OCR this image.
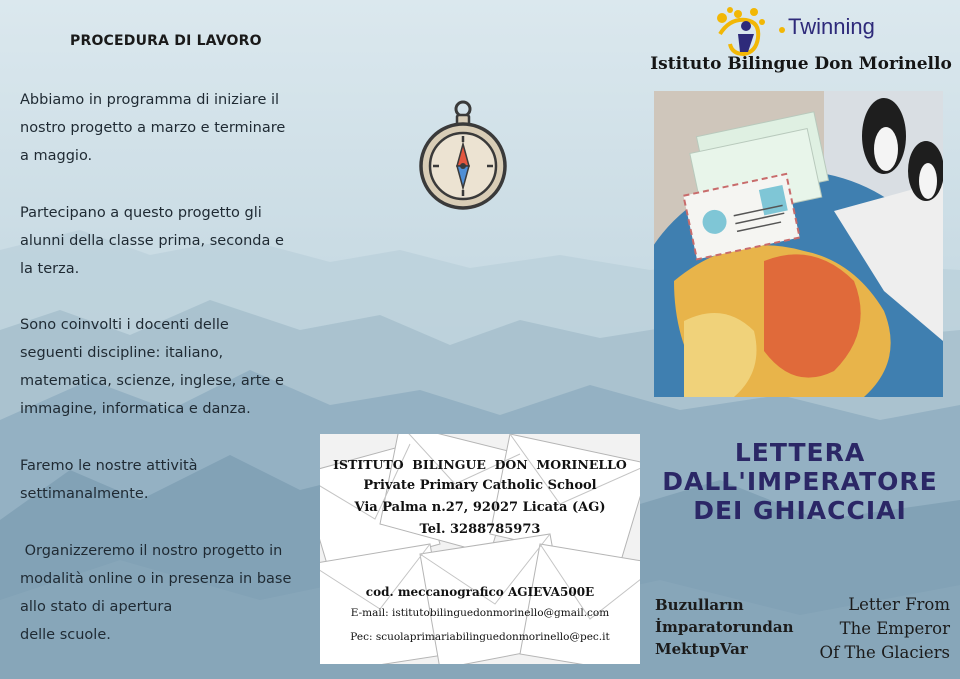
PROCEDURA DI LAVORO
Abbiamo in programma di iniziare il
nostro progetto a marzo e terminare
a maggio.
Partecipano a questo progetto gli
alunni della classe prima, seconda e
la terza.
Sono coinvolti i docenti delle
seguenti discipline: italiano,
matematica, scienze, inglese, arte e
immagine, informatica e danza.
Faremo le nostre attività
settimanalmente.
Organizzeremo il nostro progetto in
modalità online o in presenza in base
allo stato di apertura
delle scuole.
ISTITUTO  BILINGUE  DON  MORINELLO
Private Primary Catholic School
Via Palma n.27, 92027 Licata (AG)
Tel. 3288785973
cod. meccanografico AGIEVA500E
E-mail: istitutobilinguedonmorinello@gmail.com
Pec: scuolaprimariabilinguedonmorinello@pec.it
Twinning
Istituto Bilingue Don Morinello
LETTERA
DALL'IMPERATORE
DEI GHIACCIAI
Buzulların
İmparatorundan
MektupVar
Letter From
The Emperor
Of The Glaciers
